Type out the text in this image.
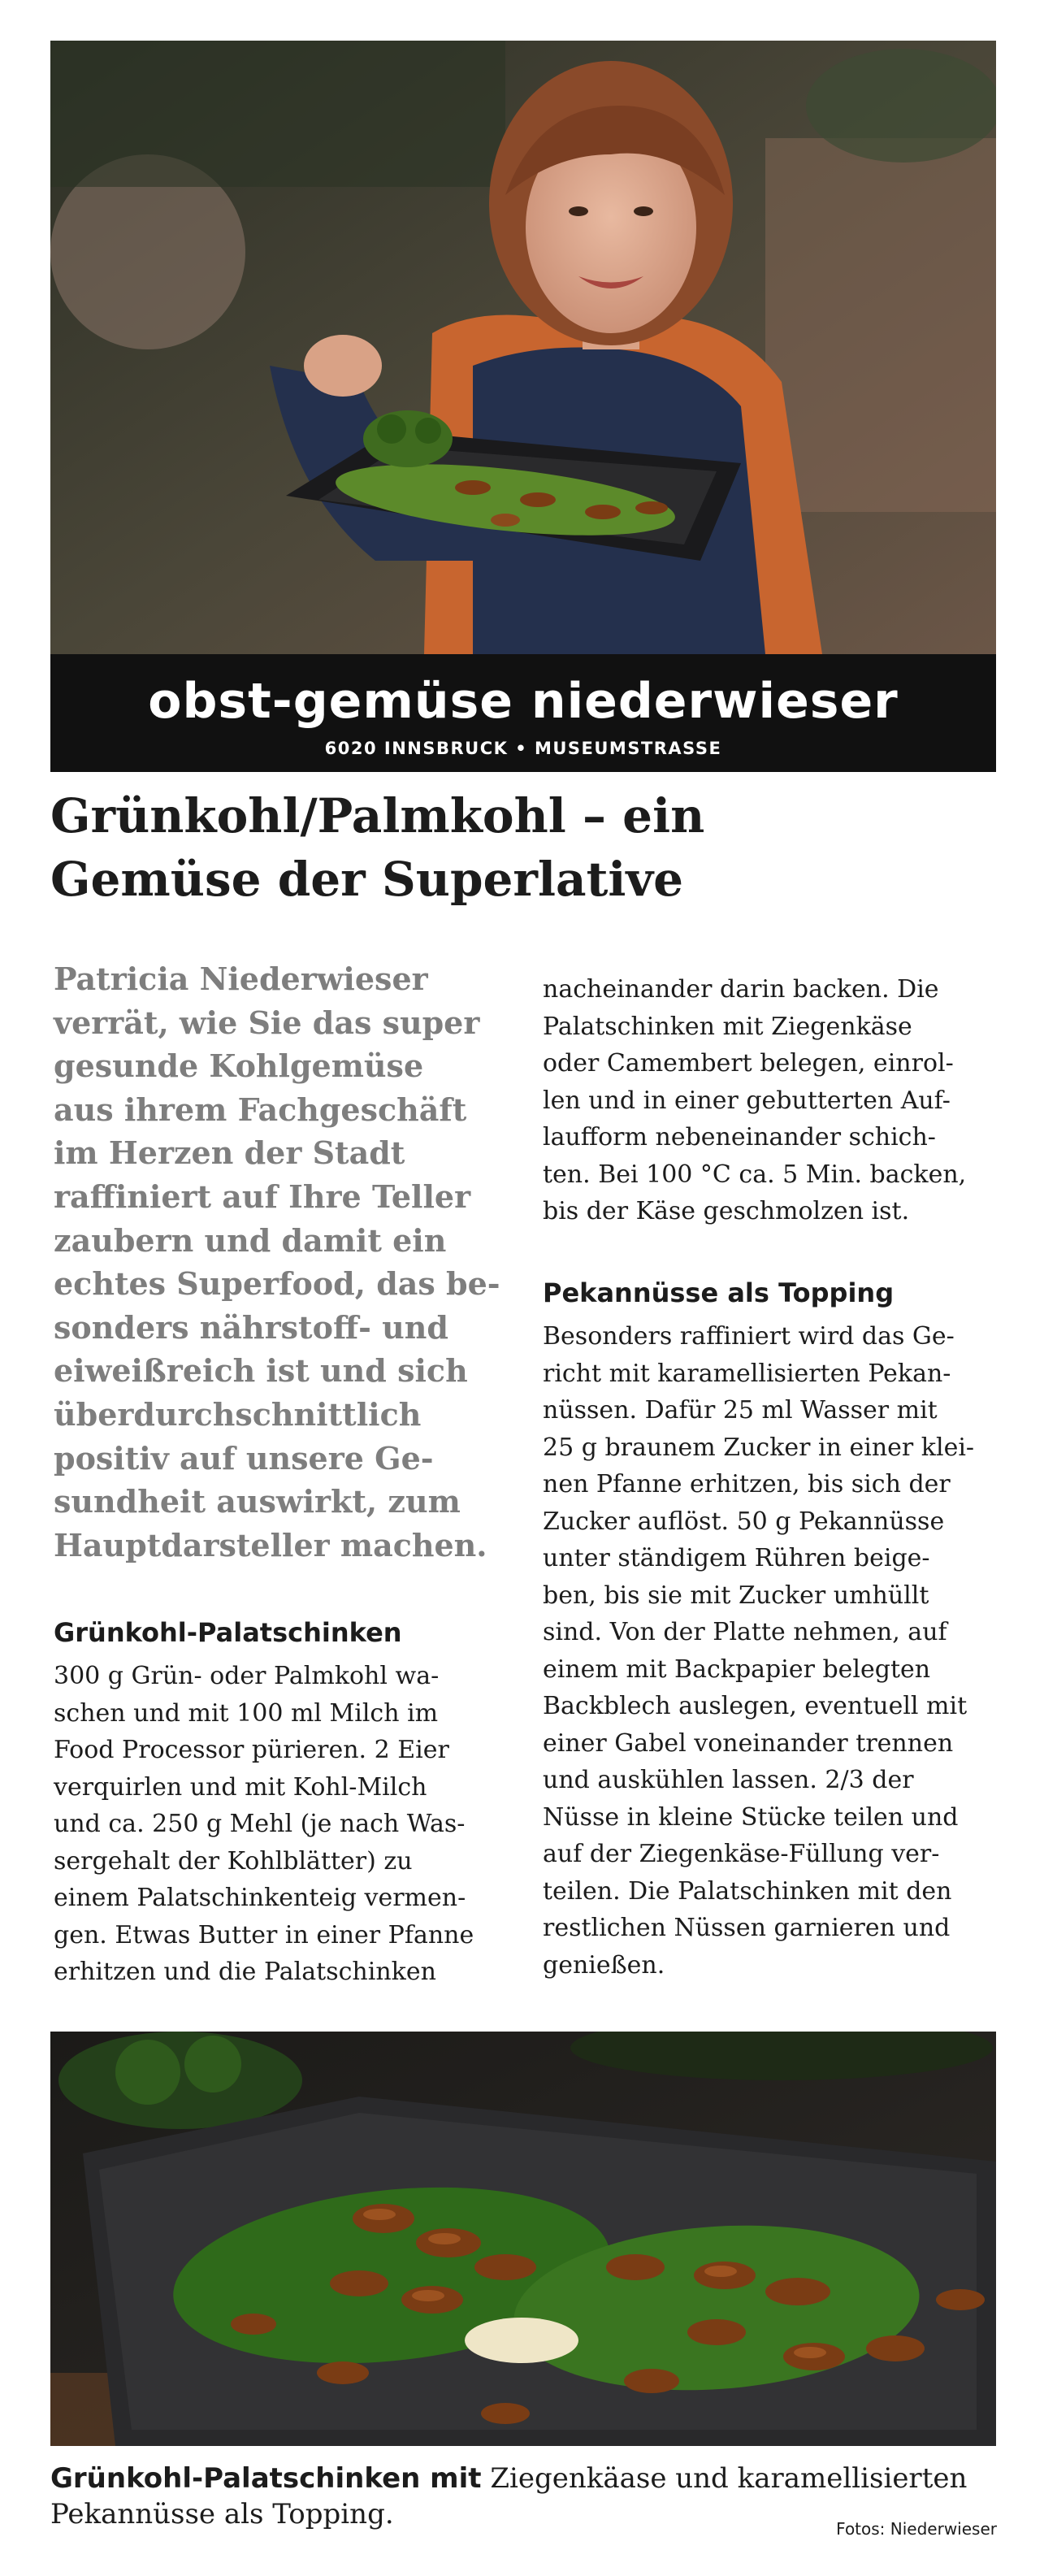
obst-gemüse niederwieser
6020 INNSBRUCK • MUSEUMSTRASSE
Grünkohl/Palmkohl – ein
Gemüse der Superlative
Patricia Niederwieser
verrät, wie Sie das super
gesunde Kohlgemüse
aus ihrem Fachgeschäft
im Herzen der Stadt
raffiniert auf Ihre Teller
zaubern und damit ein
echtes Superfood, das be-
sonders nährstoff- und
eiweißreich ist und sich
überdurchschnittlich
positiv auf unsere Ge-
sundheit auswirkt, zum
Hauptdarsteller machen.
Grünkohl-Palatschinken
300 g Grün- oder Palmkohl wa-
schen und mit 100 ml Milch im
Food Processor pürieren. 2 Eier
verquirlen und mit Kohl-Milch
und ca. 250 g Mehl (je nach Was-
sergehalt der Kohlblätter) zu
einem Palatschinkenteig vermen-
gen. Etwas Butter in einer Pfanne
erhitzen und die Palatschinken
nacheinander darin backen. Die
Palatschinken mit Ziegenkäse
oder Camembert belegen, einrol-
len und in einer gebutterten Auf-
laufform nebeneinander schich-
ten. Bei 100 °C ca. 5 Min. backen,
bis der Käse geschmolzen ist.
Pekannüsse als Topping
Besonders raffiniert wird das Ge-
richt mit karamellisierten Pekan-
nüssen. Dafür 25 ml Wasser mit
25 g braunem Zucker in einer klei-
nen Pfanne erhitzen, bis sich der
Zucker auflöst. 50 g Pekannüsse
unter ständigem Rühren beige-
ben, bis sie mit Zucker umhüllt
sind. Von der Platte nehmen, auf
einem mit Backpapier belegten
Backblech auslegen, eventuell mit
einer Gabel voneinander trennen
und auskühlen lassen. 2/3 der
Nüsse in kleine Stücke teilen und
auf der Ziegenkäse-Füllung ver-
teilen. Die Palatschinken mit den
restlichen Nüssen garnieren und
genießen.
Grünkohl-Palatschinken mit Ziegenkäase und karamellisierten Pekannüsse als Topping.	Fotos: Niederwieser
